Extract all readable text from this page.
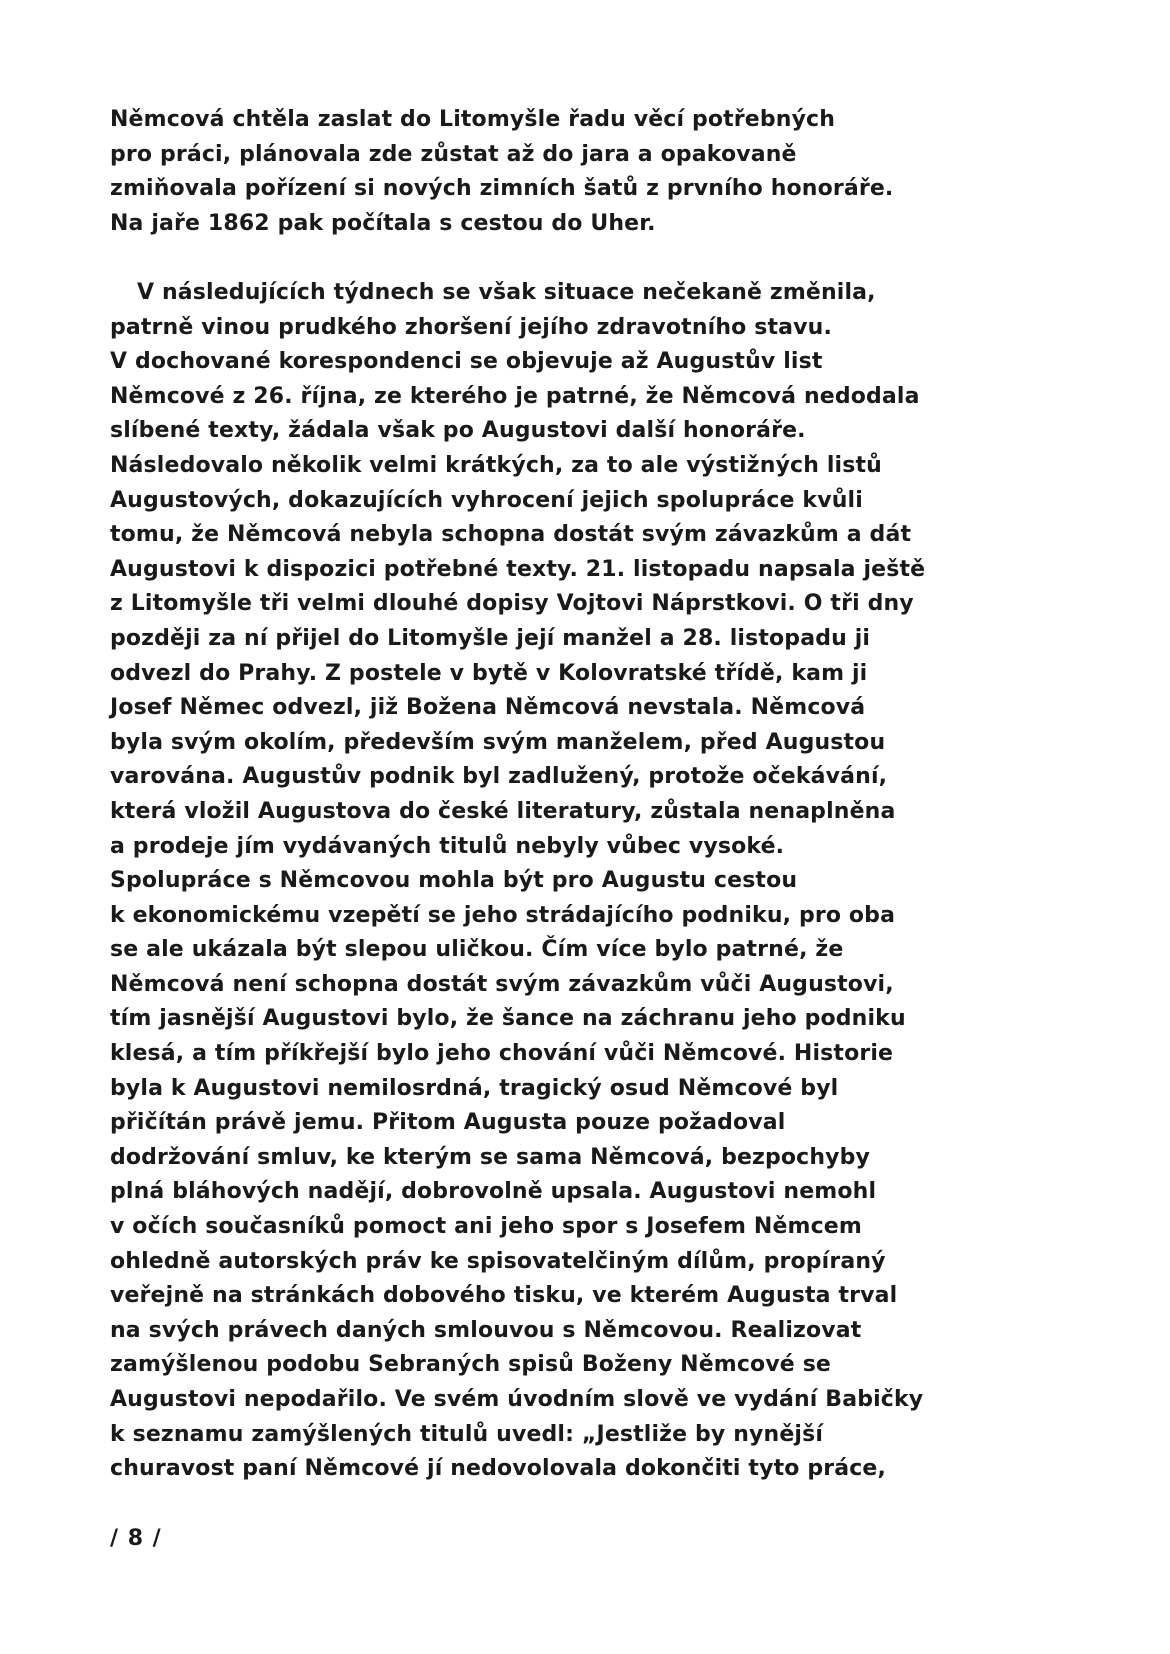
Němcová chtěla zaslat do Litomyšle řadu věcí potřebných
pro práci, plánovala zde zůstat až do jara a opakovaně
zmiňovala pořízení si nových zimních šatů z prvního honoráře.
Na jaře 1862 pak počítala s cestou do Uher.
V následujících týdnech se však situace nečekaně změnila,
patrně vinou prudkého zhoršení jejího zdravotního stavu.
V dochované korespondenci se objevuje až Augustův list
Němcové z 26. října, ze kterého je patrné, že Němcová nedodala
slíbené texty, žádala však po Augustovi další honoráře.
Následovalo několik velmi krátkých, za to ale výstižných listů
Augustových, dokazujících vyhrocení jejich spolupráce kvůli
tomu, že Němcová nebyla schopna dostát svým závazkům a dát
Augustovi k dispozici potřebné texty. 21. listopadu napsala ještě
z Litomyšle tři velmi dlouhé dopisy Vojtovi Náprstkovi. O tři dny
později za ní přijel do Litomyšle její manžel a 28. listopadu ji
odvezl do Prahy. Z postele v bytě v Kolovratské třídě, kam ji
Josef Němec odvezl, již Božena Němcová nevstala. Němcová
byla svým okolím, především svým manželem, před Augustou
varována. Augustův podnik byl zadlužený, protože očekávání,
která vložil Augustova do české literatury, zůstala nenaplněna
a prodeje jím vydávaných titulů nebyly vůbec vysoké.
Spolupráce s Němcovou mohla být pro Augustu cestou
k ekonomickému vzepětí se jeho strádajícího podniku, pro oba
se ale ukázala být slepou uličkou. Čím více bylo patrné, že
Němcová není schopna dostát svým závazkům vůči Augustovi,
tím jasnější Augustovi bylo, že šance na záchranu jeho podniku
klesá, a tím příkřejší bylo jeho chování vůči Němcové. Historie
byla k Augustovi nemilosrdná, tragický osud Němcové byl
přičítán právě jemu. Přitom Augusta pouze požadoval
dodržování smluv, ke kterým se sama Němcová, bezpochyby
plná bláhových nadějí, dobrovolně upsala. Augustovi nemohl
v očích současníků pomoct ani jeho spor s Josefem Němcem
ohledně autorských práv ke spisovatelčiným dílům, propíraný
veřejně na stránkách dobového tisku, ve kterém Augusta trval
na svých právech daných smlouvou s Němcovou. Realizovat
zamýšlenou podobu Sebraných spisů Boženy Němcové se
Augustovi nepodařilo. Ve svém úvodním slově ve vydání Babičky
k seznamu zamýšlených titulů uvedl: „Jestliže by nynější
churavost paní Němcové jí nedovolovala dokončiti tyto práce,
/ 8 /
